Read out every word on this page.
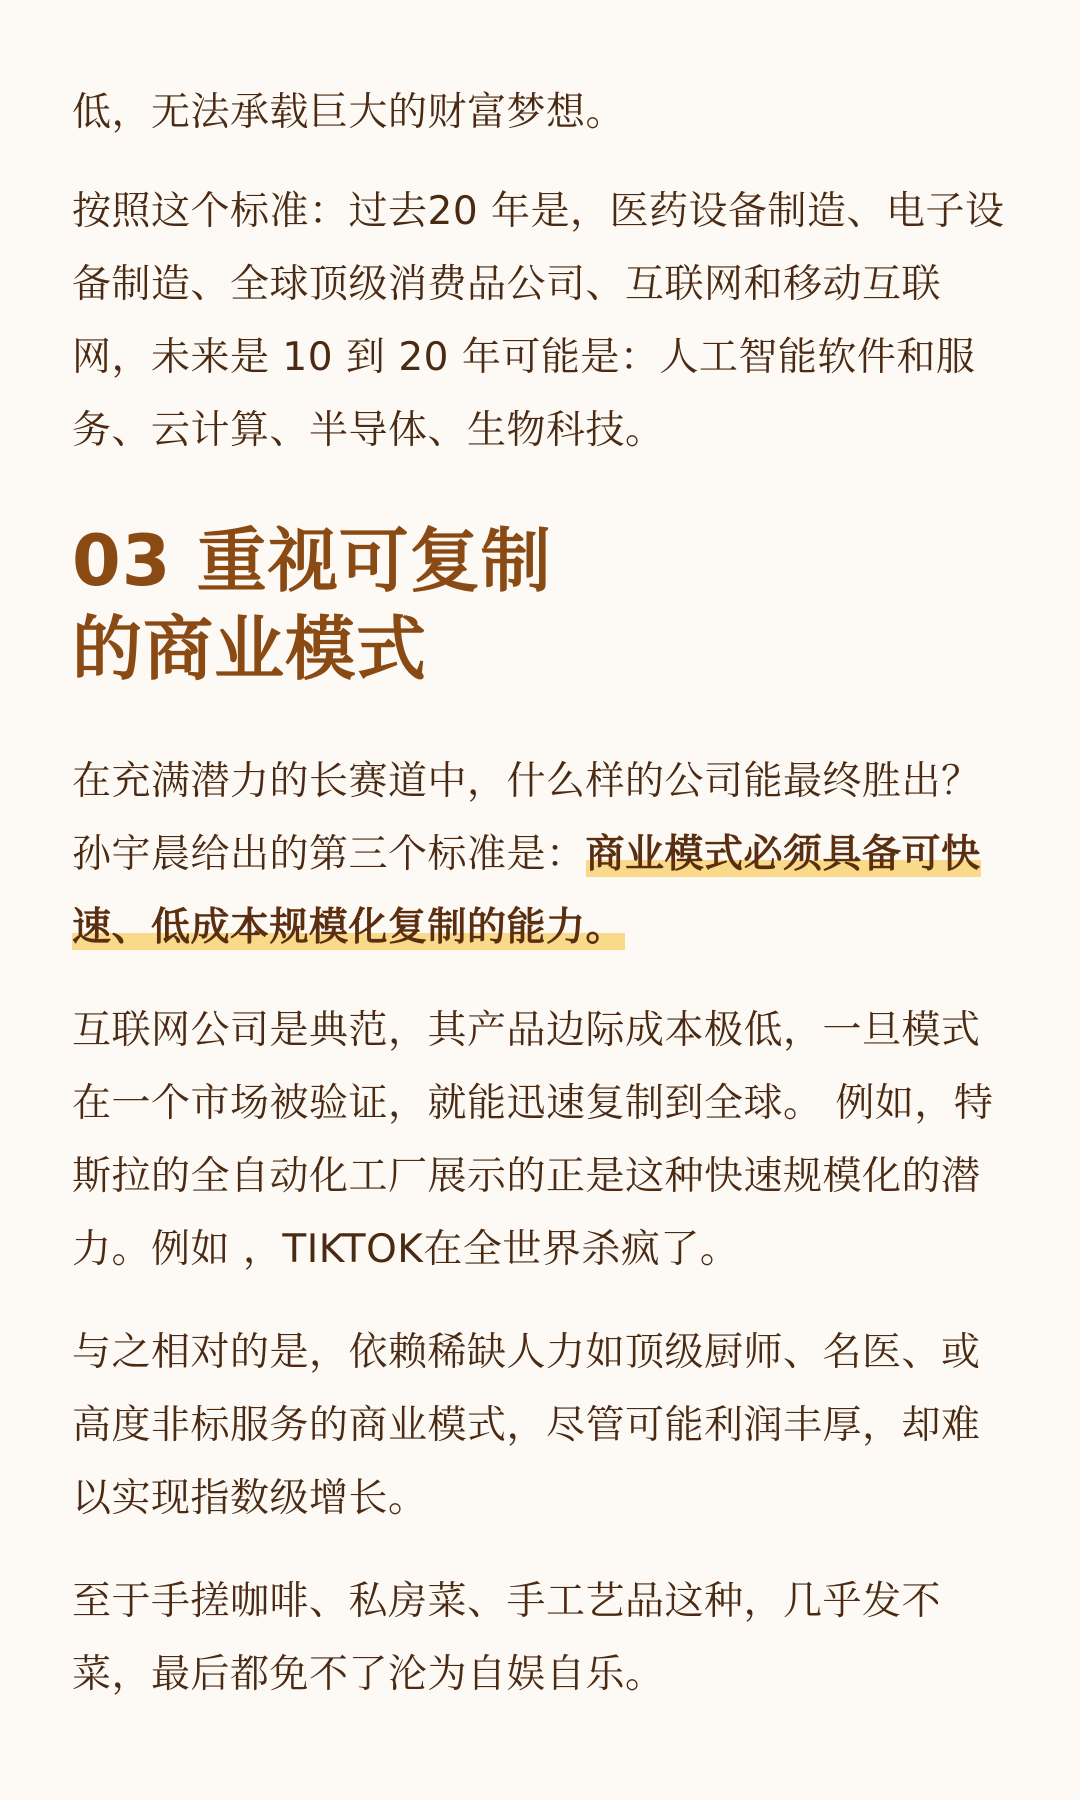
低，无法承载巨大的财富梦想。

按照这个标准：过去20 年是，医药设备制造、电子设备制造、全球顶级消费品公司、互联网和移动互联网，未来是 10 到 20 年可能是：人工智能软件和服务、云计算、半导体、生物科技。

03 重视可复制
的商业模式

在充满潜力的长赛道中，什么样的公司能最终胜出？孙宇晨给出的第三个标准是：商业模式必须具备可快速、低成本规模化复制的能力。

互联网公司是典范，其产品边际成本极低，一旦模式在一个市场被验证，就能迅速复制到全球。 例如，特斯拉的全自动化工厂展示的正是这种快速规模化的潜力。例如 ，TIKTOK在全世界杀疯了。

与之相对的是，依赖稀缺人力如顶级厨师、名医、或高度非标服务的商业模式，尽管可能利润丰厚，却难以实现指数级增长。

至于手搓咖啡、私房菜、手工艺品这种，几乎发不菜，最后都免不了沦为自娱自乐。
